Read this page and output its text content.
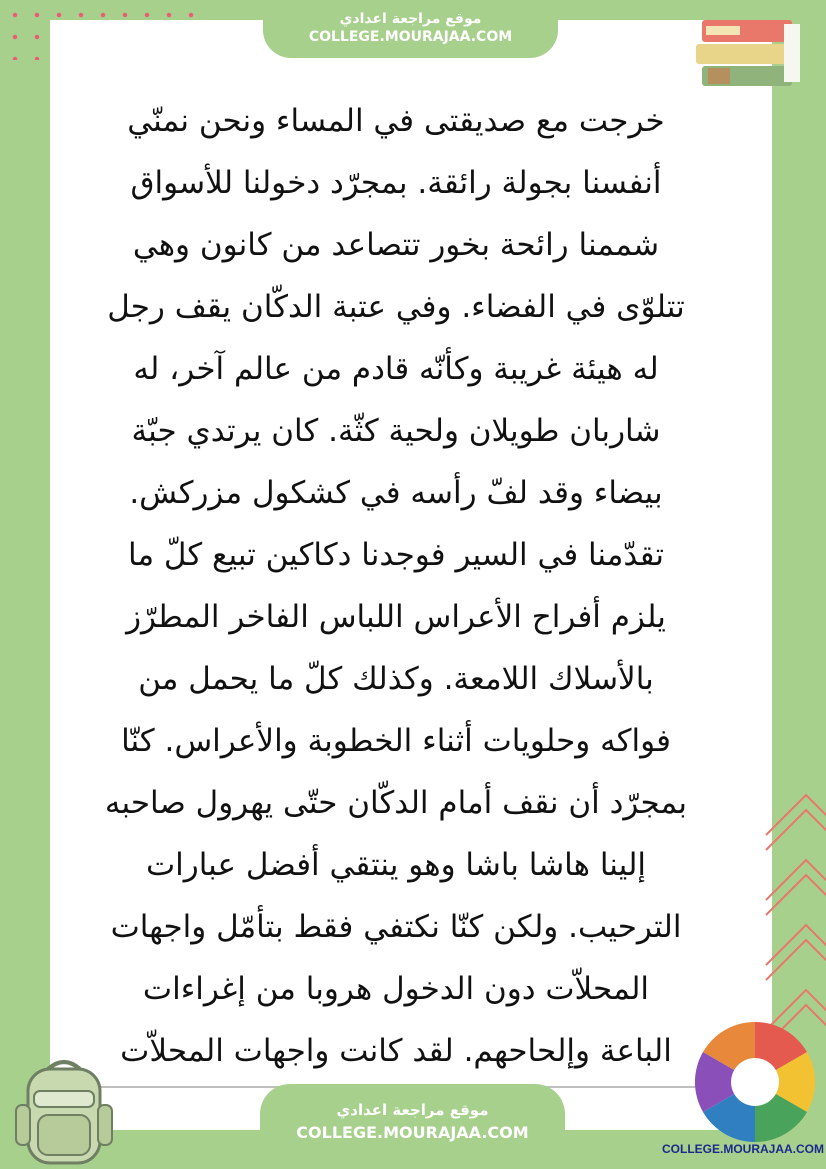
موقع مراجعة اعدادي
COLLEGE.MOURAJAA.COM
خرجت مع صديقتى في المساء ونحن نمنّي
أنفسنا بجولة رائقة. بمجرّد دخولنا للأسواق
شممنا رائحة بخور تتصاعد من كانون وهي
تتلوّى في الفضاء. وفي عتبة الدكّان يقف رجل
له هيئة غريبة وكأنّه قادم من عالم آخر، له
شاربان طويلان ولحية كثّة. كان يرتدي جبّة
بيضاء وقد لفّ رأسه في كشكول مزركش.
تقدّمنا في السير فوجدنا دكاكين تبيع كلّ ما
يلزم أفراح الأعراس اللباس الفاخر المطرّز
بالأسلاك اللامعة. وكذلك كلّ ما يحمل من
فواكه وحلويات أثناء الخطوبة والأعراس. كنّا
بمجرّد أن نقف أمام الدكّان حتّى يهرول صاحبه
إلينا هاشا باشا وهو ينتقي أفضل عبارات
الترحيب. ولكن كنّا نكتفي فقط بتأمّل واجهات
المحلاّت دون الدخول هروبا من إغراءات
الباعة وإلحاحهم. لقد كانت واجهات المحلاّت
موقع مراجعة اعدادي
COLLEGE.MOURAJAA.COM
COLLEGE.MOURAJAA.COM
